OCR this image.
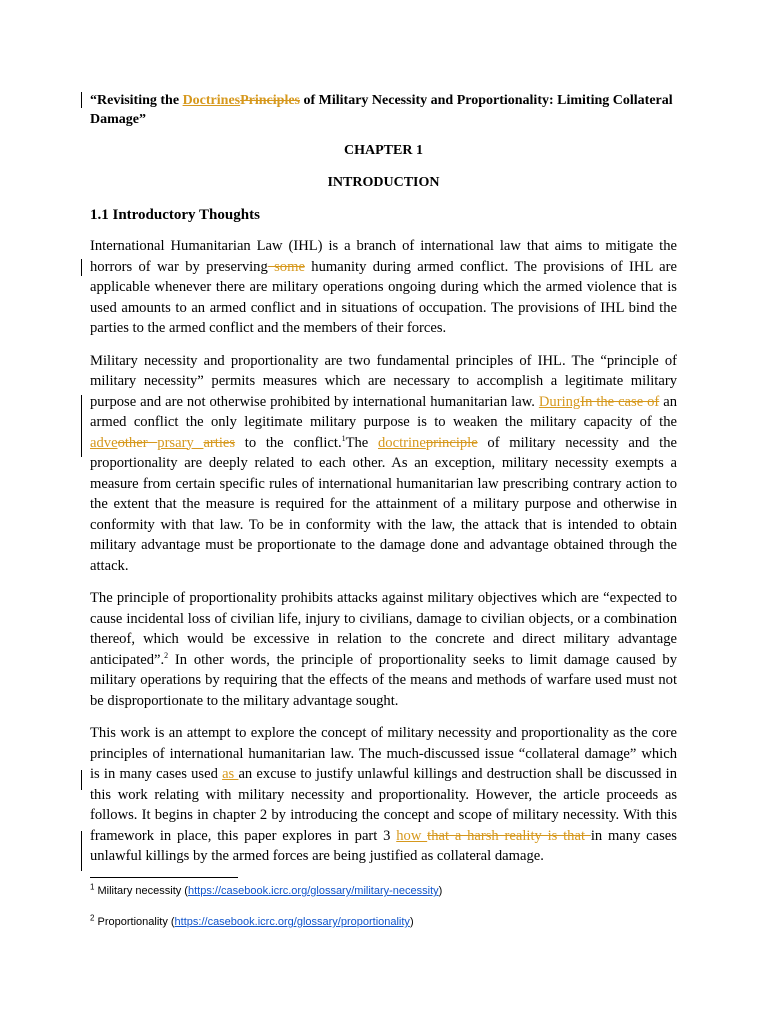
“Revisiting the DoctrinesPrinciples of Military Necessity and Proportionality: Limiting Collateral Damage”

CHAPTER 1

INTRODUCTION

1.1 Introductory Thoughts

International Humanitarian Law (IHL) is a branch of international law that aims to mitigate the horrors of war by preserving some humanity during armed conflict. The provisions of IHL are applicable whenever there are military operations ongoing during which the armed violence that is used amounts to an armed conflict and in situations of occupation. The provisions of IHL bind the parties to the armed conflict and the members of their forces.

Military necessity and proportionality are two fundamental principles of IHL. The “principle of military necessity” permits measures which are necessary to accomplish a legitimate military purpose and are not otherwise prohibited by international humanitarian law. DuringIn the case of an armed conflict the only legitimate military purpose is to weaken the military capacity of the adveother prsary arties to the conflict.$^1$The doctrineprinciple of military necessity and the proportionality are deeply related to each other. As an exception, military necessity exempts a measure from certain specific rules of international humanitarian law prescribing contrary action to the extent that the measure is required for the attainment of a military purpose and otherwise in conformity with that law. To be in conformity with the law, the attack that is intended to obtain military advantage must be proportionate to the damage done and advantage obtained through the attack.

The principle of proportionality prohibits attacks against military objectives which are “expected to cause incidental loss of civilian life, injury to civilians, damage to civilian objects, or a combination thereof, which would be excessive in relation to the concrete and direct military advantage anticipated”.$^2$ In other words, the principle of proportionality seeks to limit damage caused by military operations by requiring that the effects of the means and methods of warfare used must not be disproportionate to the military advantage sought.

This work is an attempt to explore the concept of military necessity and proportionality as the core principles of international humanitarian law. The much-discussed issue “collateral damage” which is in many cases used as an excuse to justify unlawful killings and destruction shall be discussed in this work relating with military necessity and proportionality. However, the article proceeds as follows. It begins in chapter 2 by introducing the concept and scope of military necessity. With this framework in place, this paper explores in part 3 how that a harsh reality is that in many cases unlawful killings by the armed forces are being justified as collateral damage.

$^1$ Military necessity (https://casebook.icrc.org/glossary/military-necessity)
$^2$ Proportionality (https://casebook.icrc.org/glossary/proportionality)
